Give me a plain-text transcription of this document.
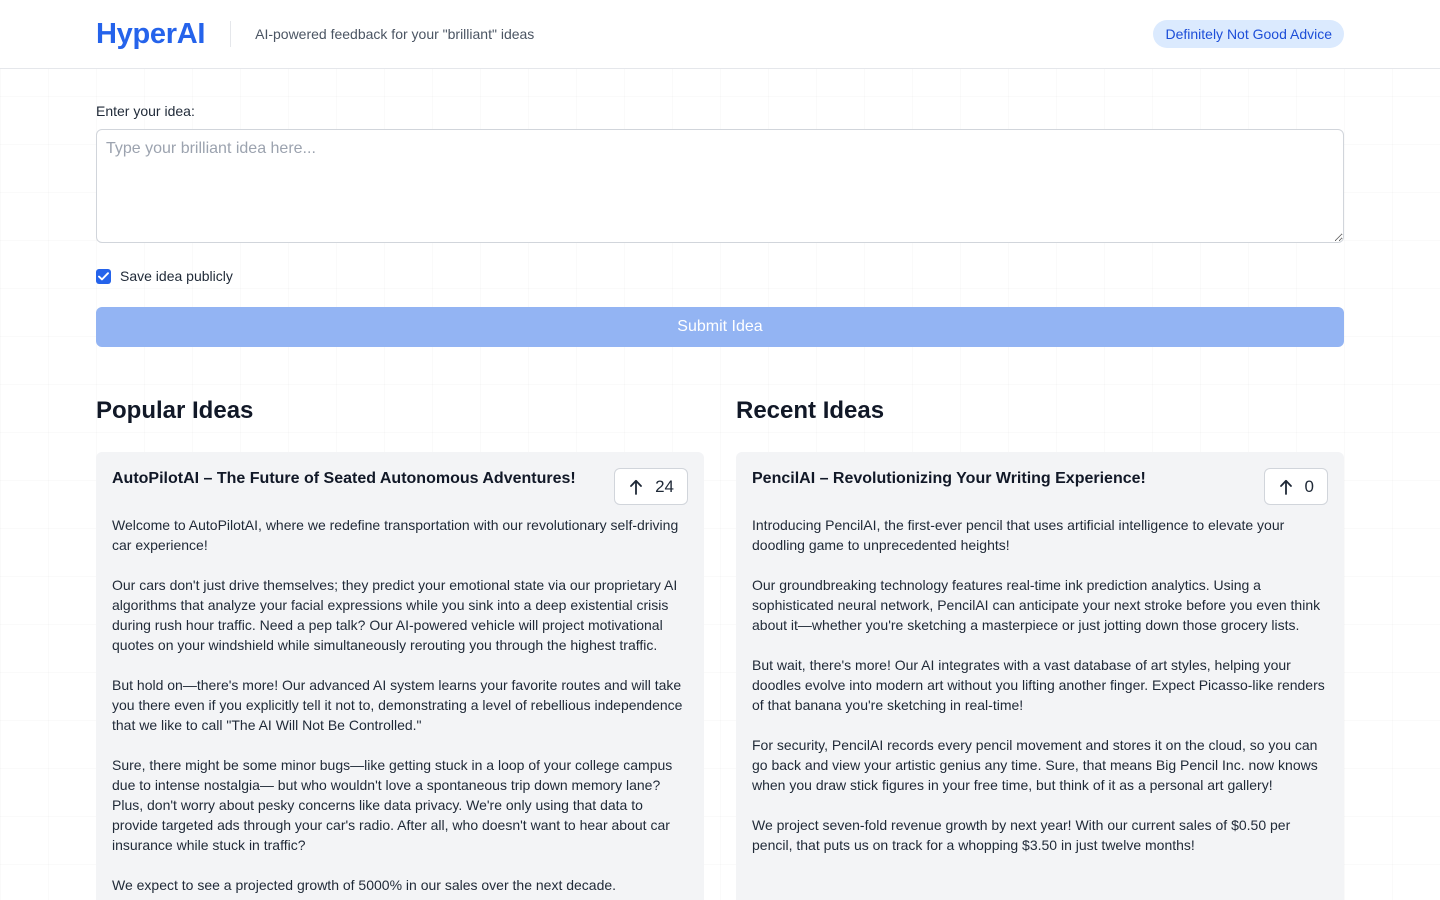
HyperAI	AI-powered feedback for your "brilliant" ideas	Definitely Not Good Advice
Enter your idea:
Type your brilliant idea here...
Save idea publicly
Submit Idea
Popular Ideas
AutoPilotAI – The Future of Seated Autonomous Adventures!	24

Welcome to AutoPilotAI, where we redefine transportation with our revolutionary self-driving car experience!

Our cars don't just drive themselves; they predict your emotional state via our proprietary AI algorithms that analyze your facial expressions while you sink into a deep existential crisis during rush hour traffic. Need a pep talk? Our AI-powered vehicle will project motivational quotes on your windshield while simultaneously rerouting you through the highest traffic.

But hold on—there's more! Our advanced AI system learns your favorite routes and will take you there even if you explicitly tell it not to, demonstrating a level of rebellious independence that we like to call "The AI Will Not Be Controlled."

Sure, there might be some minor bugs—like getting stuck in a loop of your college campus due to intense nostalgia— but who wouldn't love a spontaneous trip down memory lane? Plus, don't worry about pesky concerns like data privacy. We're only using that data to provide targeted ads through your car's radio. After all, who doesn't want to hear about car insurance while stuck in traffic?

We expect to see a projected growth of 5000% in our sales over the next decade.

Recent Ideas
PencilAI – Revolutionizing Your Writing Experience!	0

Introducing PencilAI, the first-ever pencil that uses artificial intelligence to elevate your doodling game to unprecedented heights!

Our groundbreaking technology features real-time ink prediction analytics. Using a sophisticated neural network, PencilAI can anticipate your next stroke before you even think about it—whether you're sketching a masterpiece or just jotting down those grocery lists.

But wait, there's more! Our AI integrates with a vast database of art styles, helping your doodles evolve into modern art without you lifting another finger. Expect Picasso-like renders of that banana you're sketching in real-time!

For security, PencilAI records every pencil movement and stores it on the cloud, so you can go back and view your artistic genius any time. Sure, that means Big Pencil Inc. now knows when you draw stick figures in your free time, but think of it as a personal art gallery!

We project seven-fold revenue growth by next year! With our current sales of $0.50 per pencil, that puts us on track for a whopping $3.50 in just twelve months!
